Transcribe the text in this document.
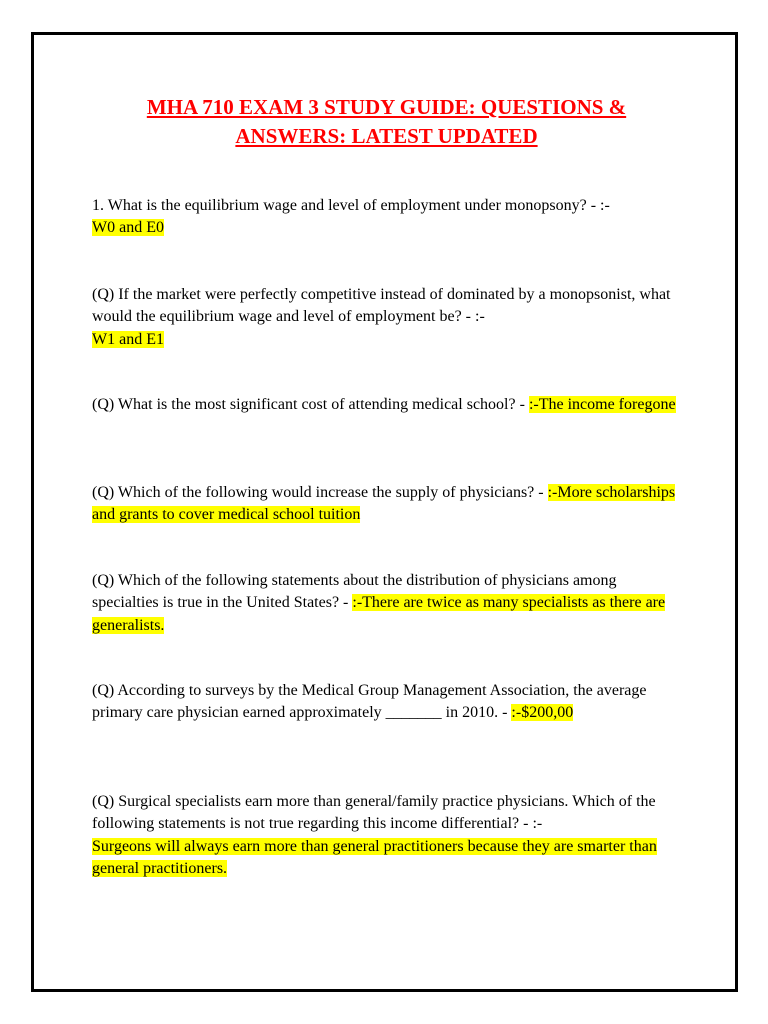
MHA 710 EXAM 3 STUDY GUIDE: QUESTIONS & ANSWERS: LATEST UPDATED

1. What is the equilibrium wage and level of employment under monopsony? - :-
W0 and E0

(Q) If the market were perfectly competitive instead of dominated by a monopsonist, what would the equilibrium wage and level of employment be? - :-
W1 and E1

(Q) What is the most significant cost of attending medical school? - :-The income foregone

(Q) Which of the following would increase the supply of physicians? - :-More scholarships and grants to cover medical school tuition

(Q) Which of the following statements about the distribution of physicians among specialties is true in the United States? - :-There are twice as many specialists as there are generalists.

(Q) According to surveys by the Medical Group Management Association, the average primary care physician earned approximately _______ in 2010. - :-$200,00

(Q) Surgical specialists earn more than general/family practice physicians. Which of the following statements is not true regarding this income differential? - :-
Surgeons will always earn more than general practitioners because they are smarter than general practitioners.
